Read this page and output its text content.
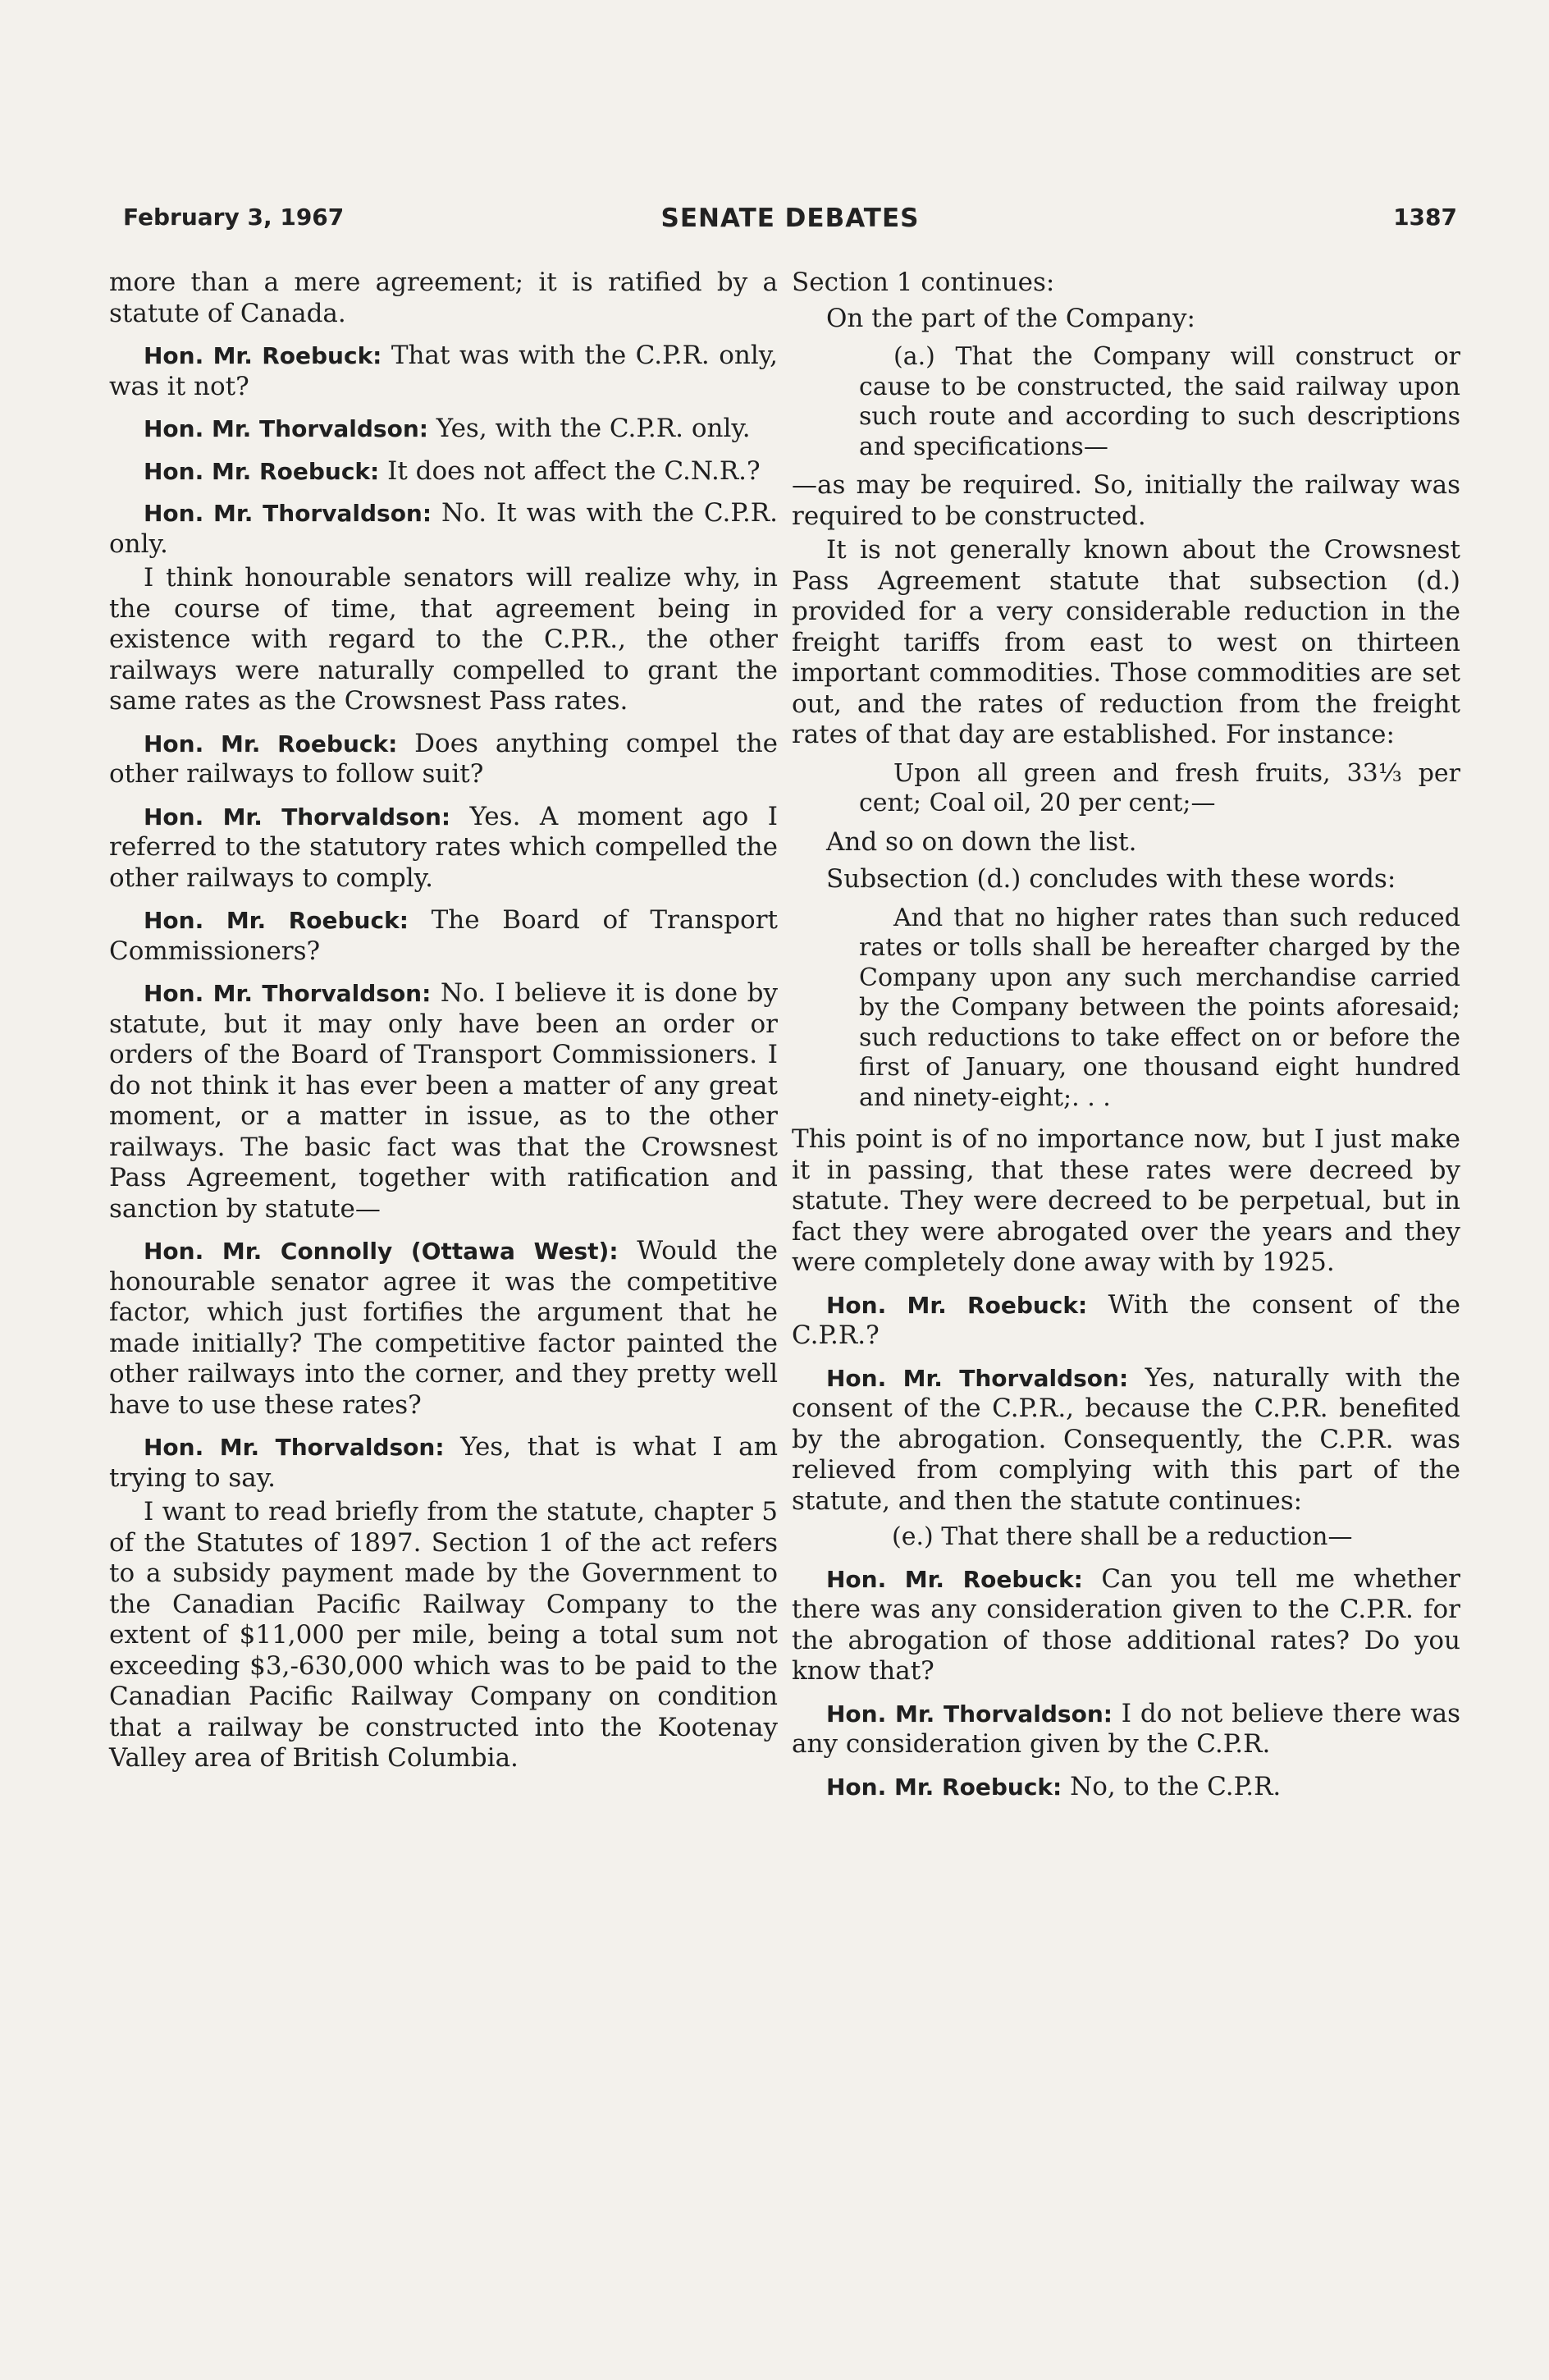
February 3, 1967	SENATE DEBATES	1387

more than a mere agreement; it is ratified by a statute of Canada.

Hon. Mr. Roebuck: That was with the C.P.R. only, was it not?

Hon. Mr. Thorvaldson: Yes, with the C.P.R. only.

Hon. Mr. Roebuck: It does not affect the C.N.R.?

Hon. Mr. Thorvaldson: No. It was with the C.P.R. only.

I think honourable senators will realize why, in the course of time, that agreement being in existence with regard to the C.P.R., the other railways were naturally compelled to grant the same rates as the Crowsnest Pass rates.

Hon. Mr. Roebuck: Does anything compel the other railways to follow suit?

Hon. Mr. Thorvaldson: Yes. A moment ago I referred to the statutory rates which compelled the other railways to comply.

Hon. Mr. Roebuck: The Board of Transport Commissioners?

Hon. Mr. Thorvaldson: No. I believe it is done by statute, but it may only have been an order or orders of the Board of Transport Commissioners. I do not think it has ever been a matter of any great moment, or a matter in issue, as to the other railways. The basic fact was that the Crowsnest Pass Agreement, together with ratification and sanction by statute—

Hon. Mr. Connolly (Ottawa West): Would the honourable senator agree it was the competitive factor, which just fortifies the argument that he made initially? The competitive factor painted the other railways into the corner, and they pretty well have to use these rates?

Hon. Mr. Thorvaldson: Yes, that is what I am trying to say.

I want to read briefly from the statute, chapter 5 of the Statutes of 1897. Section 1 of the act refers to a subsidy payment made by the Government to the Canadian Pacific Railway Company to the extent of $11,000 per mile, being a total sum not exceeding $3,-630,000 which was to be paid to the Canadian Pacific Railway Company on condition that a railway be constructed into the Kootenay Valley area of British Columbia.

Section 1 continues:

On the part of the Company:

(a.) That the Company will construct or cause to be constructed, the said railway upon such route and according to such descriptions and specifications—

—as may be required. So, initially the railway was required to be constructed.

It is not generally known about the Crowsnest Pass Agreement statute that subsection (d.) provided for a very considerable reduction in the freight tariffs from east to west on thirteen important commodities. Those commodities are set out, and the rates of reduction from the freight rates of that day are established. For instance:

Upon all green and fresh fruits, 33⅓ per cent; Coal oil, 20 per cent;—

And so on down the list.

Subsection (d.) concludes with these words:

And that no higher rates than such reduced rates or tolls shall be hereafter charged by the Company upon any such merchandise carried by the Company between the points aforesaid; such reductions to take effect on or before the first of January, one thousand eight hundred and ninety-eight;. . .

This point is of no importance now, but I just make it in passing, that these rates were decreed by statute. They were decreed to be perpetual, but in fact they were abrogated over the years and they were completely done away with by 1925.

Hon. Mr. Roebuck: With the consent of the C.P.R.?

Hon. Mr. Thorvaldson: Yes, naturally with the consent of the C.P.R., because the C.P.R. benefited by the abrogation. Consequently, the C.P.R. was relieved from complying with this part of the statute, and then the statute continues:

(e.) That there shall be a reduction—

Hon. Mr. Roebuck: Can you tell me whether there was any consideration given to the C.P.R. for the abrogation of those additional rates? Do you know that?

Hon. Mr. Thorvaldson: I do not believe there was any consideration given by the C.P.R.

Hon. Mr. Roebuck: No, to the C.P.R.
